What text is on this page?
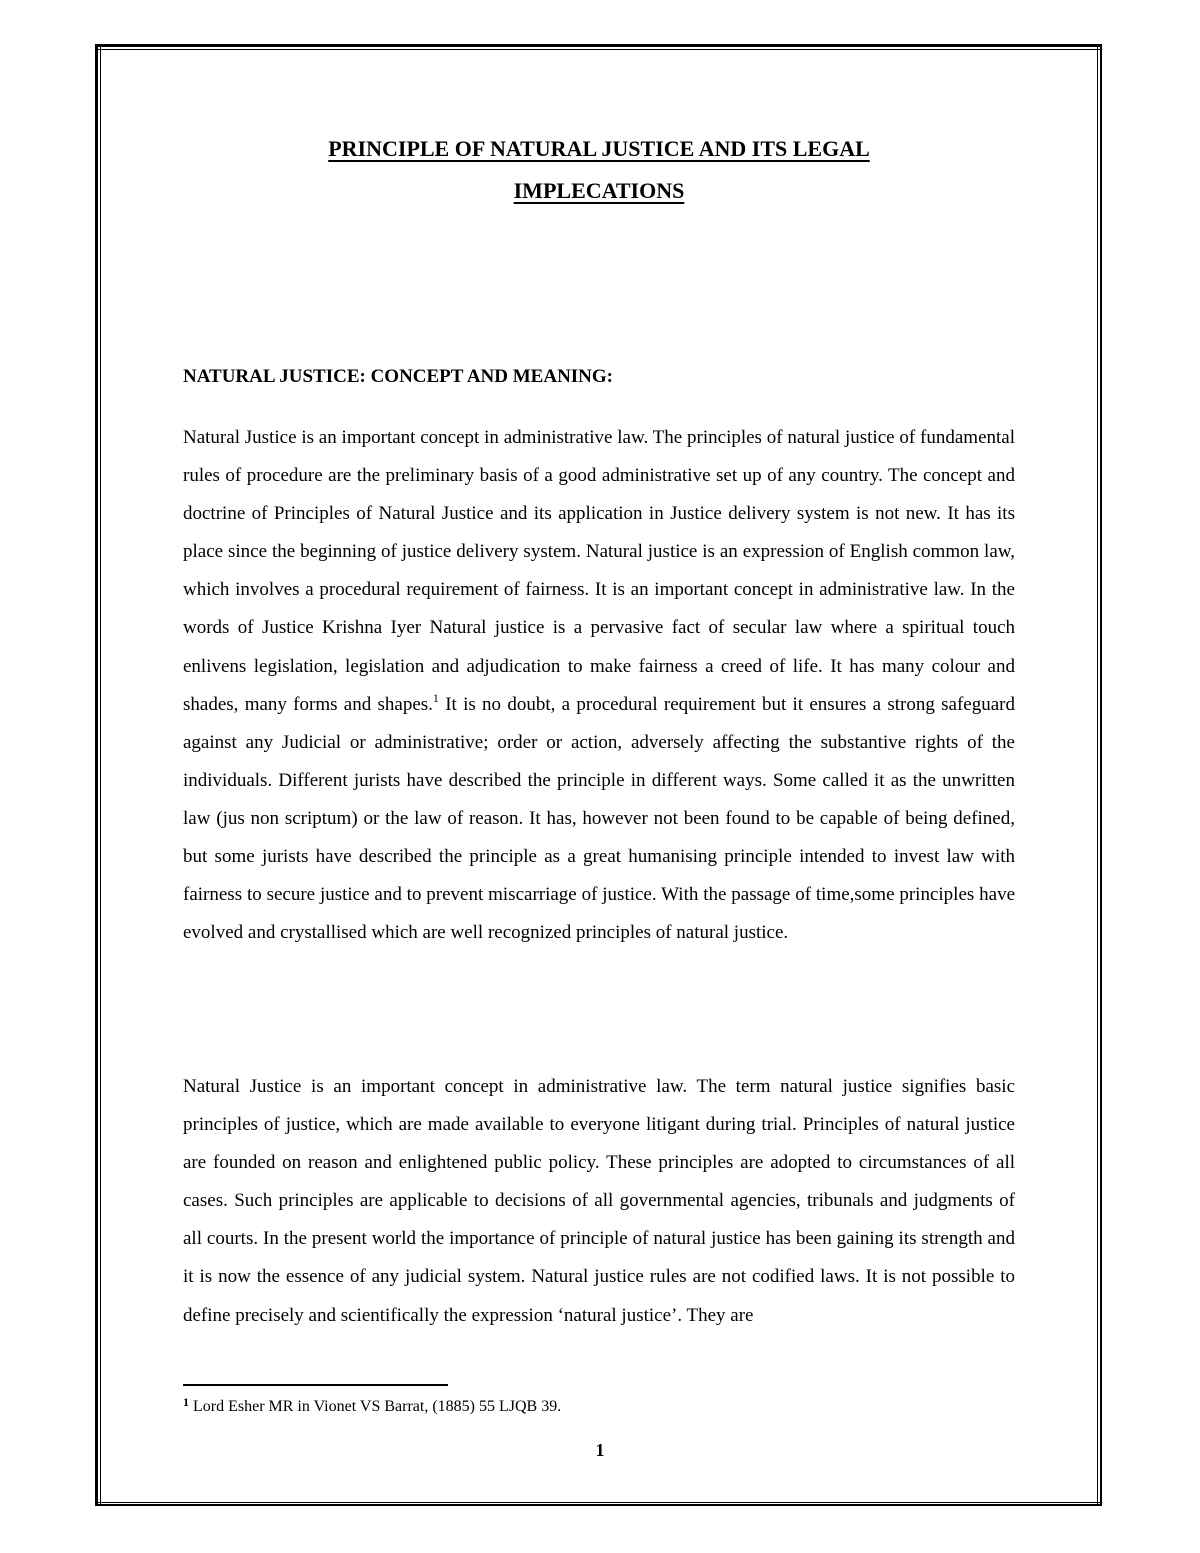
PRINCIPLE OF NATURAL JUSTICE AND ITS LEGAL
IMPLECATIONS
NATURAL JUSTICE: CONCEPT AND MEANING:

Natural Justice is an important concept in administrative law. The principles of natural justice of fundamental rules of procedure are the preliminary basis of a good administrative set up of any country. The concept and doctrine of Principles of Natural Justice and its application in Justice delivery system is not new. It has its place since the beginning of justice delivery system. Natural justice is an expression of English common law, which involves a procedural requirement of fairness. It is an important concept in administrative law. In the words of Justice Krishna Iyer Natural justice is a pervasive fact of secular law where a spiritual touch enlivens legislation, legislation and adjudication to make fairness a creed of life. It has many colour and shades, many forms and shapes.$^1$ It is no doubt, a procedural requirement but it ensures a strong safeguard against any Judicial or administrative; order or action, adversely affecting the substantive rights of the individuals. Different jurists have described the principle in different ways. Some called it as the unwritten law (jus non scriptum) or the law of reason. It has, however not been found to be capable of being defined, but some jurists have described the principle as a great humanising principle intended to invest law with fairness to secure justice and to prevent miscarriage of justice. With the passage of time,some principles have evolved and crystallised which are well recognized principles of natural justice.

Natural Justice is an important concept in administrative law. The term natural justice signifies basic principles of justice, which are made available to everyone litigant during trial. Principles of natural justice are founded on reason and enlightened public policy. These principles are adopted to circumstances of all cases. Such principles are applicable to decisions of all governmental agencies, tribunals and judgments of all courts. In the present world the importance of principle of natural justice has been gaining its strength and it is now the essence of any judicial system. Natural justice rules are not codified laws. It is not possible to define precisely and scientifically the expression ‘natural justice’. They are

$^1$ Lord Esher MR in Vionet VS Barrat, (1885) 55 LJQB 39.

1
